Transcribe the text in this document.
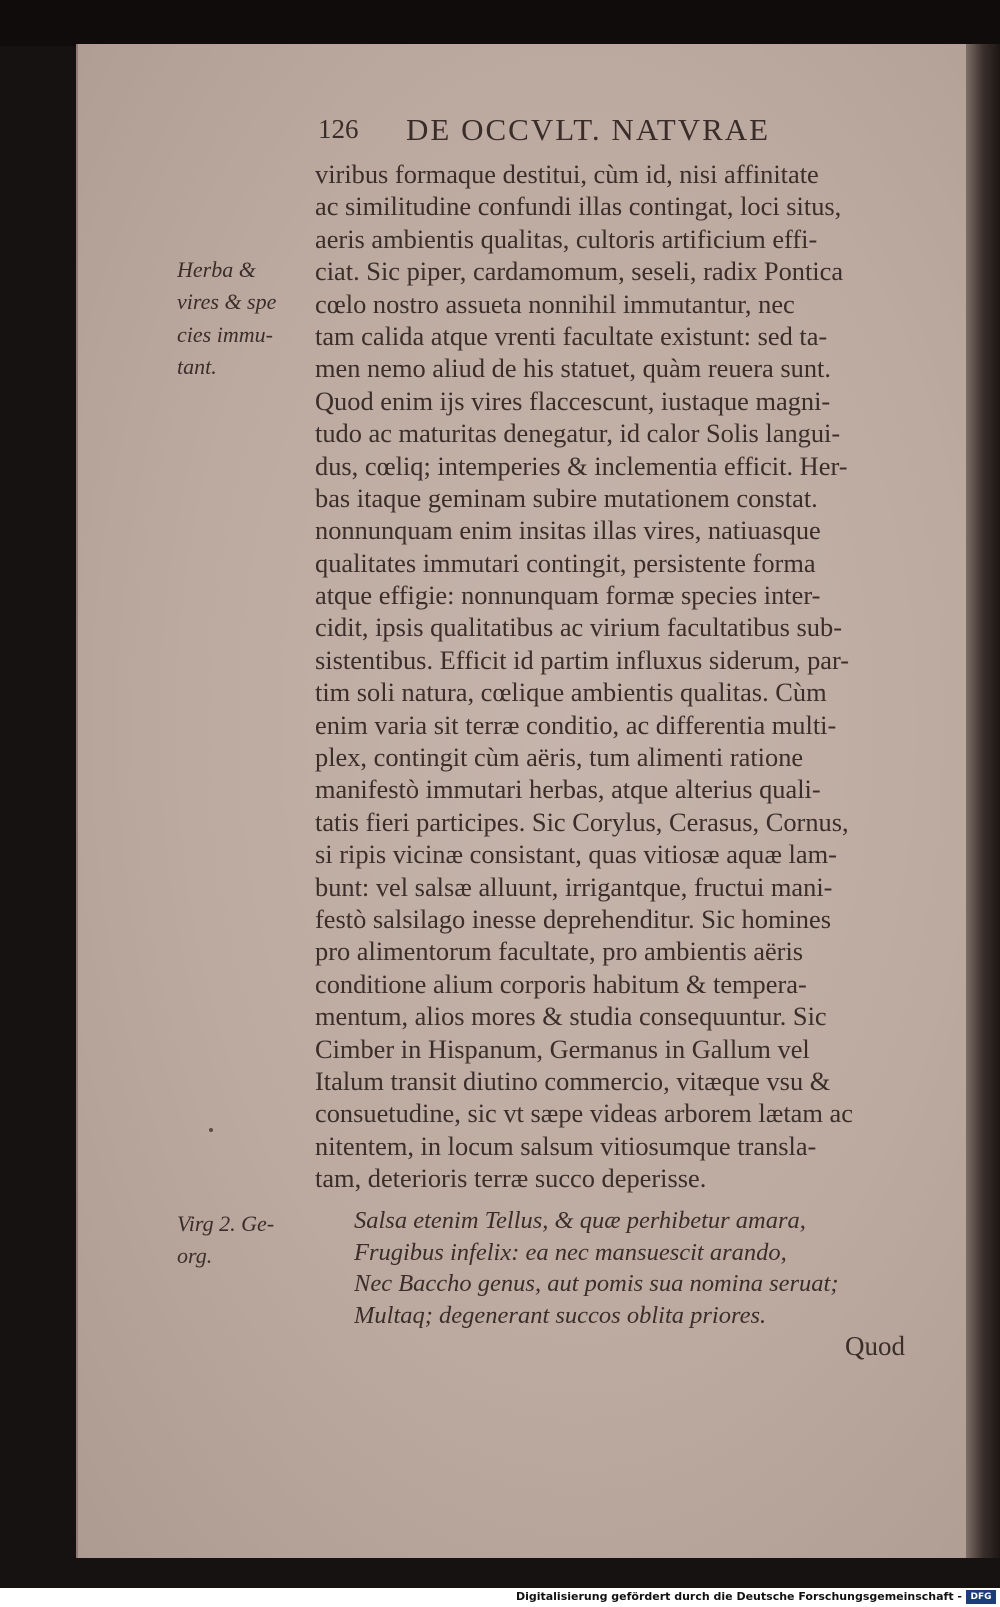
126 DE OCCVLT. NATVRAE
Herba &
vires & spe
cies immu-
tant.
viribus formaque destitui, cùm id, nisi affinitate
ac similitudine confundi illas contingat, loci situs,
aeris ambientis qualitas, cultoris artificium effi-
ciat. Sic piper, cardamomum, seseli, radix Pontica
cœlo nostro assueta nonnihil immutantur, nec
tam calida atque vrenti facultate existunt: sed ta-
men nemo aliud de his statuet, quàm reuera sunt.
Quod enim ijs vires flaccescunt, iustaque magni-
tudo ac maturitas denegatur, id calor Solis langui-
dus, cœliq; intemperies & inclementia efficit. Her-
bas itaque geminam subire mutationem constat.
nonnunquam enim insitas illas vires, natiuasque
qualitates immutari contingit, persistente forma
atque effigie: nonnunquam formæ species inter-
cidit, ipsis qualitatibus ac virium facultatibus sub-
sistentibus. Efficit id partim influxus siderum, par-
tim soli natura, cœlique ambientis qualitas. Cùm
enim varia sit terræ conditio, ac differentia multi-
plex, contingit cùm aëris, tum alimenti ratione
manifestò immutari herbas, atque alterius quali-
tatis fieri participes. Sic Corylus, Cerasus, Cornus,
si ripis vicinæ consistant, quas vitiosæ aquæ lam-
bunt: vel salsæ alluunt, irrigantque, fructui mani-
festò salsilago inesse deprehenditur. Sic homines
pro alimentorum facultate, pro ambientis aëris
conditione alium corporis habitum & tempera-
mentum, alios mores & studia consequuntur. Sic
Cimber in Hispanum, Germanus in Gallum vel
Italum transit diutino commercio, vitæque vsu &
consuetudine, sic vt sæpe videas arborem lætam ac
nitentem, in locum salsum vitiosumque transla-
tam, deterioris terræ succo deperisse.
Virg 2. Ge-
org.
Salsa etenim Tellus, & quæ perhibetur amara,
Frugibus infelix: ea nec mansuescit arando,
Nec Baccho genus, aut pomis sua nomina seruat;
Multaq; degenerant succos oblita priores.
Quod
Digitalisierung gefördert durch die Deutsche Forschungsgemeinschaft - DFG
